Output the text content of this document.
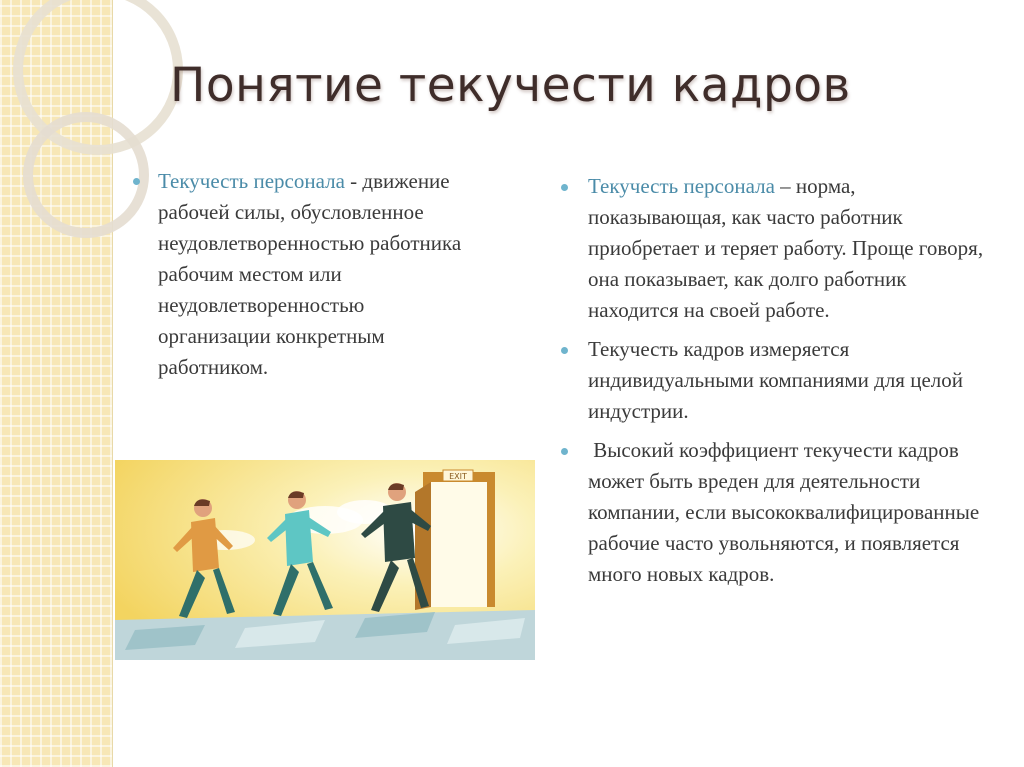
Понятие текучести кадров
Текучесть персонала - движение рабочей силы, обусловленное неудовлетворенностью работника рабочим местом или неудовлетворенностью организации конкретным работником.
Текучесть персонала – норма, показывающая, как часто работник приобретает и теряет работу. Проще говоря, она показывает, как долго работник находится на своей работе.
Текучесть кадров измеряется индивидуальными компаниями для целой индустрии.
Высокий коэффициент текучести кадров может быть вреден для деятельности компании, если высококвалифицированные рабочие часто увольняются, и появляется много новых кадров.
EXIT
